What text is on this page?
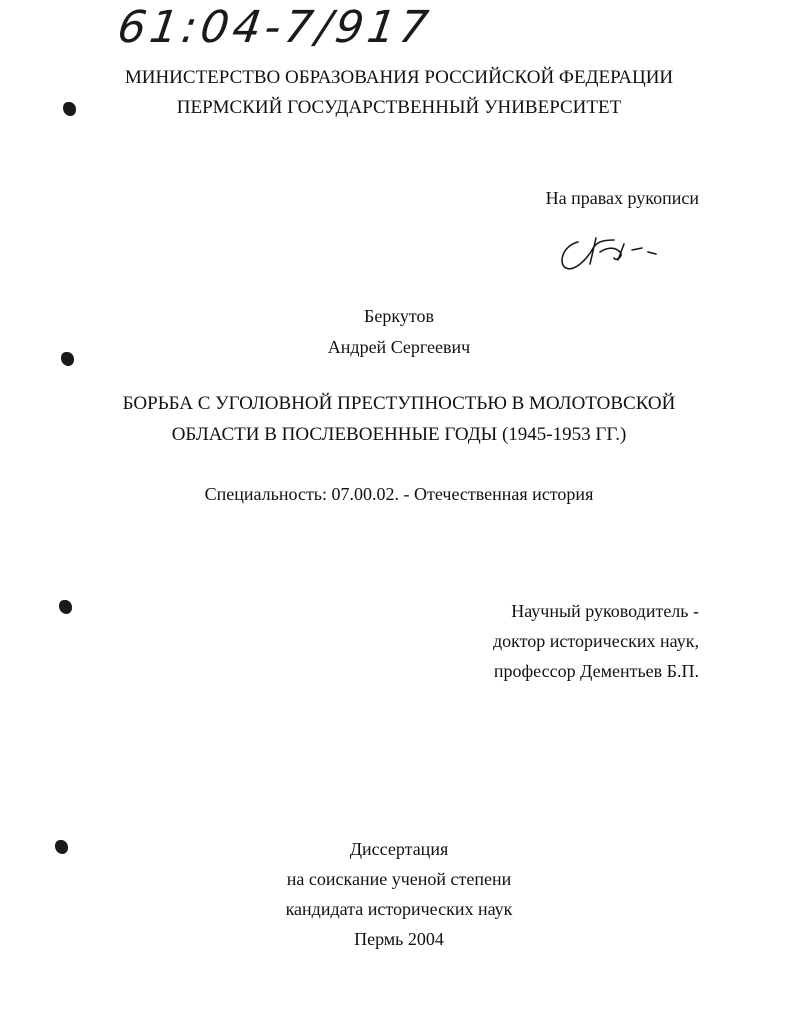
61:04-7/917
МИНИСТЕРСТВО ОБРАЗОВАНИЯ РОССИЙСКОЙ ФЕДЕРАЦИИ
ПЕРМСКИЙ ГОСУДАРСТВЕННЫЙ УНИВЕРСИТЕТ
На правах рукописи
Беркутов
Андрей Сергеевич
БОРЬБА С УГОЛОВНОЙ ПРЕСТУПНОСТЬЮ В МОЛОТОВСКОЙ
ОБЛАСТИ В ПОСЛЕВОЕННЫЕ ГОДЫ (1945-1953 ГГ.)
Специальность: 07.00.02. - Отечественная история
Научный руководитель -
доктор исторических наук,
профессор Дементьев Б.П.
Диссертация
на соискание ученой степени
кандидата исторических наук
Пермь 2004
